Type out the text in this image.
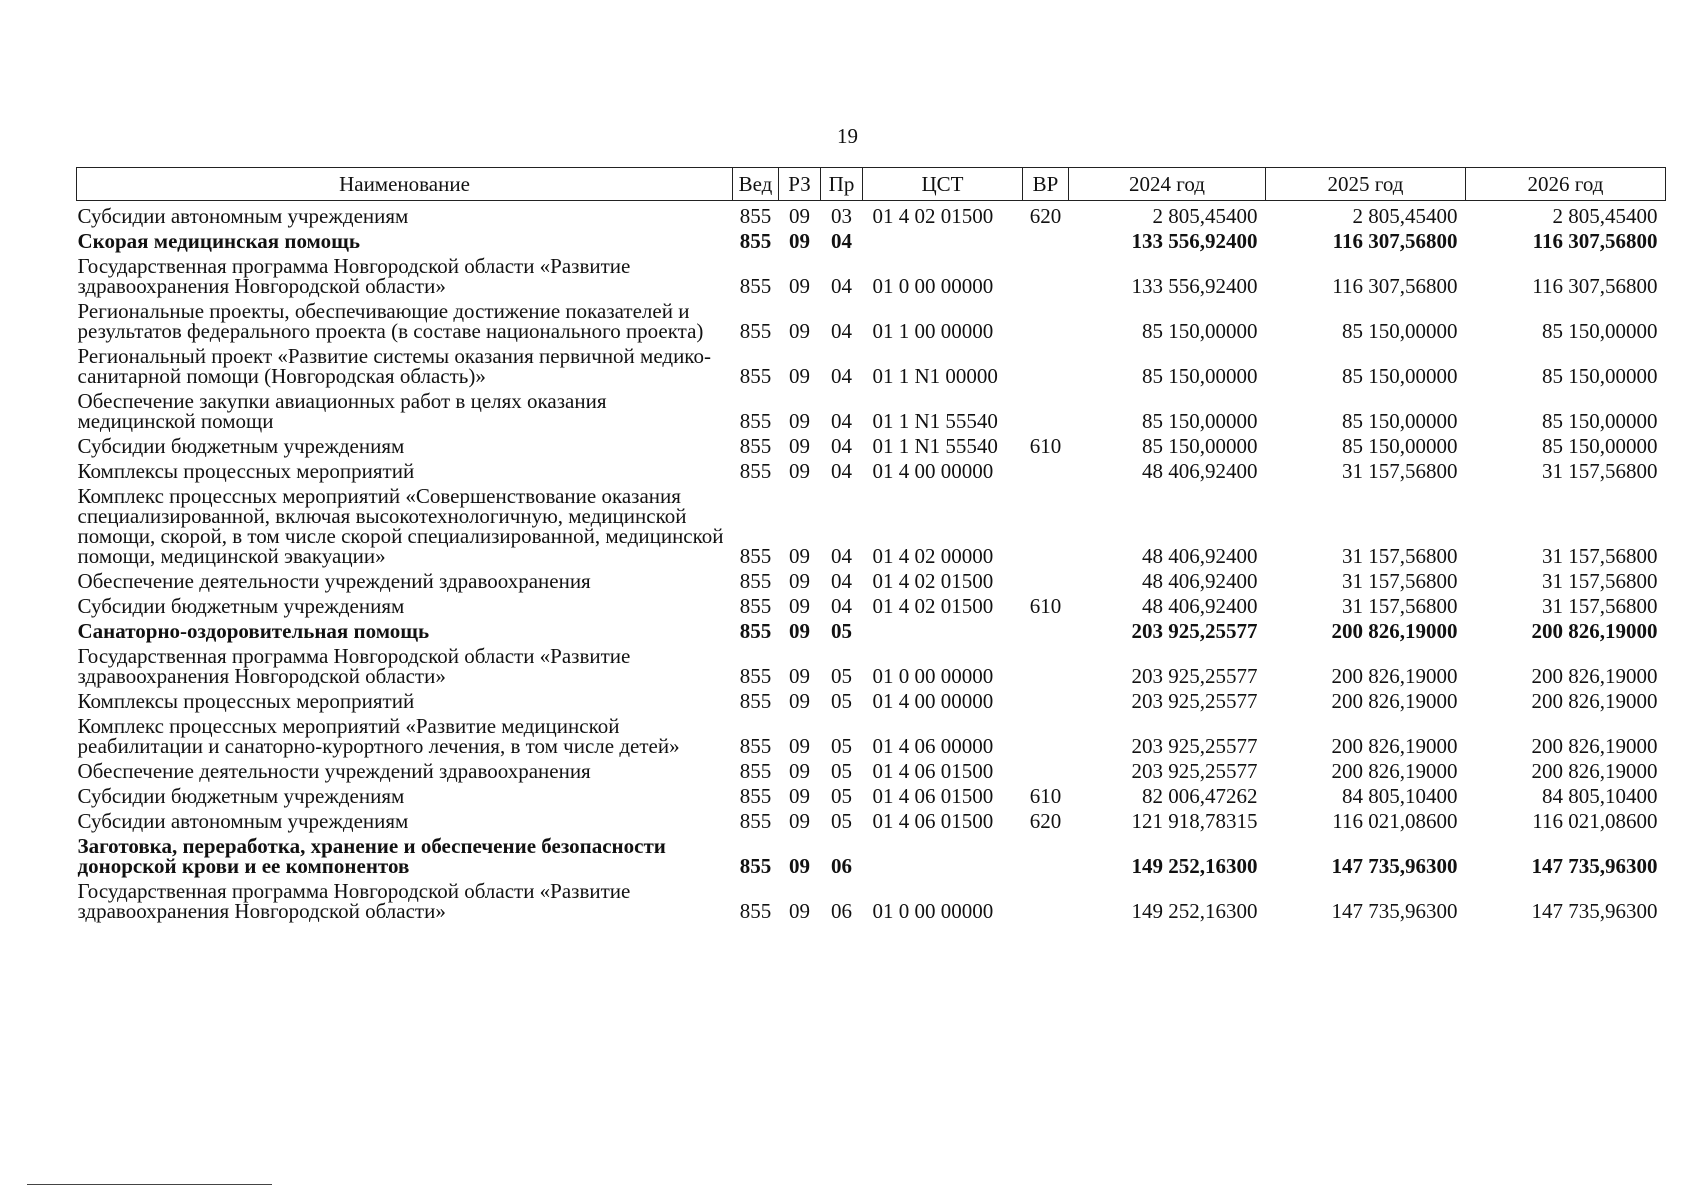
19
Наименование	Вед	РЗ	Пр	ЦСТ	ВР	2024 год	2025 год	2026 год
Субсидии автономным учреждениям	855	09	03	01 4 02 01500	620	2 805,45400	2 805,45400	2 805,45400
Скорая медицинская помощь	855	09	04			133 556,92400	116 307,56800	116 307,56800
Государственная программа Новгородской области «Развитие здравоохранения Новгородской области»	855	09	04	01 0 00 00000		133 556,92400	116 307,56800	116 307,56800
Региональные проекты, обеспечивающие достижение показателей и результатов федерального проекта (в составе национального проекта)	855	09	04	01 1 00 00000		85 150,00000	85 150,00000	85 150,00000
Региональный проект «Развитие системы оказания первичной медико-санитарной помощи (Новгородская область)»	855	09	04	01 1 N1 00000		85 150,00000	85 150,00000	85 150,00000
Обеспечение закупки авиационных работ в целях оказания медицинской помощи	855	09	04	01 1 N1 55540		85 150,00000	85 150,00000	85 150,00000
Субсидии бюджетным учреждениям	855	09	04	01 1 N1 55540	610	85 150,00000	85 150,00000	85 150,00000
Комплексы процессных мероприятий	855	09	04	01 4 00 00000		48 406,92400	31 157,56800	31 157,56800
Комплекс процессных мероприятий «Совершенствование оказания специализированной, включая высокотехнологичную, медицинской помощи, скорой, в том числе скорой специализированной, медицинской помощи, медицинской эвакуации»	855	09	04	01 4 02 00000		48 406,92400	31 157,56800	31 157,56800
Обеспечение деятельности учреждений здравоохранения	855	09	04	01 4 02 01500		48 406,92400	31 157,56800	31 157,56800
Субсидии бюджетным учреждениям	855	09	04	01 4 02 01500	610	48 406,92400	31 157,56800	31 157,56800
Санаторно-оздоровительная помощь	855	09	05			203 925,25577	200 826,19000	200 826,19000
Государственная программа Новгородской области «Развитие здравоохранения Новгородской области»	855	09	05	01 0 00 00000		203 925,25577	200 826,19000	200 826,19000
Комплексы процессных мероприятий	855	09	05	01 4 00 00000		203 925,25577	200 826,19000	200 826,19000
Комплекс процессных мероприятий «Развитие медицинской реабилитации и санаторно-курортного лечения, в том числе детей»	855	09	05	01 4 06 00000		203 925,25577	200 826,19000	200 826,19000
Обеспечение деятельности учреждений здравоохранения	855	09	05	01 4 06 01500		203 925,25577	200 826,19000	200 826,19000
Субсидии бюджетным учреждениям	855	09	05	01 4 06 01500	610	82 006,47262	84 805,10400	84 805,10400
Субсидии автономным учреждениям	855	09	05	01 4 06 01500	620	121 918,78315	116 021,08600	116 021,08600
Заготовка, переработка, хранение и обеспечение безопасности донорской крови и ее компонентов	855	09	06			149 252,16300	147 735,96300	147 735,96300
Государственная программа Новгородской области «Развитие здравоохранения Новгородской области»	855	09	06	01 0 00 00000		149 252,16300	147 735,96300	147 735,96300
